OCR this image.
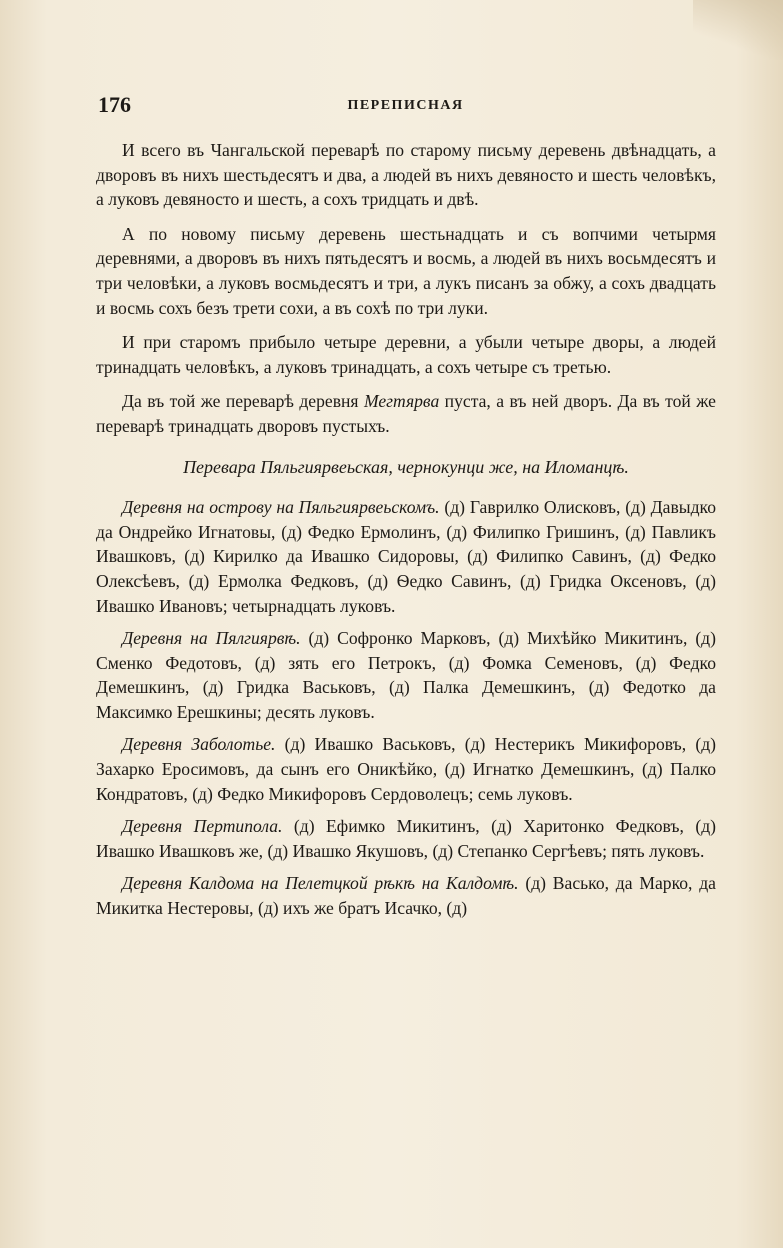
176	ПЕРЕПИСНАЯ

И всего въ Чангальской переварѣ по старому письму деревень двѣнадцать, а дворовъ въ нихъ шестьдесятъ и два, а людей въ нихъ девяносто и шесть человѣкъ, а луковъ девяносто и шесть, а сохъ тридцать и двѣ.

А по новому письму деревень шестьнадцать и съ вопчими четырмя деревнями, а дворовъ въ нихъ пятьдесятъ и восмь, а людей въ нихъ восьмдесятъ и три человѣки, а луковъ восмьдесятъ и три, а лукъ писанъ за обжу, а сохъ двадцать и восмь сохъ безъ трети сохи, а въ сохѣ по три луки.

И при старомъ прибыло четыре деревни, а убыли четыре дворы, а людей тринадцать человѣкъ, а луковъ тринадцать, а сохъ четыре съ третью.

Да въ той же переварѣ деревня Мегтярва пуста, а въ ней дворъ. Да въ той же переварѣ тринадцать дворовъ пустыхъ.

Перевара Пяльгиярвеьская, чернокунци же, на Иломанцѣ.

Деревня на острову на Пяльгиярвеьскомъ. (д) Гаврилко Олисковъ, (д) Давыдко да Ондрейко Игнатовы, (д) Федко Ермолинъ, (д) Филипко Гришинъ, (д) Павликъ Ивашковъ, (д) Кирилко да Ивашко Сидоровы, (д) Филипко Савинъ, (д) Федко Олексѣевъ, (д) Ермолка Федковъ, (д) Ѳедко Савинъ, (д) Гридка Оксеновъ, (д) Ивашко Ивановъ; четырнадцать луковъ.

Деревня на Пялгиярвѣ. (д) Софронко Марковъ, (д) Михѣйко Микитинъ, (д) Сменко Федотовъ, (д) зять его Петрокъ, (д) Фомка Семеновъ, (д) Федко Демешкинъ, (д) Гридка Васьковъ, (д) Палка Демешкинъ, (д) Федотко да Максимко Ерешкины; десять луковъ.

Деревня Заболотье. (д) Ивашко Васьковъ, (д) Нестерикъ Микифоровъ, (д) Захарко Еросимовъ, да сынъ его Оникѣйко, (д) Игнатко Демешкинъ, (д) Палко Кондратовъ, (д) Федко Микифоровъ Сердоволецъ; семь луковъ.

Деревня Пертипола. (д) Ефимко Микитинъ, (д) Харитонко Федковъ, (д) Ивашко Ивашковъ же, (д) Ивашко Якушовъ, (д) Степанко Сергѣевъ; пять луковъ.

Деревня Калдома на Пелетцкой рѣкѣ на Калдомѣ. (д) Васько, да Марко, да Микитка Нестеровы, (д) ихъ же братъ Исачко, (д)
